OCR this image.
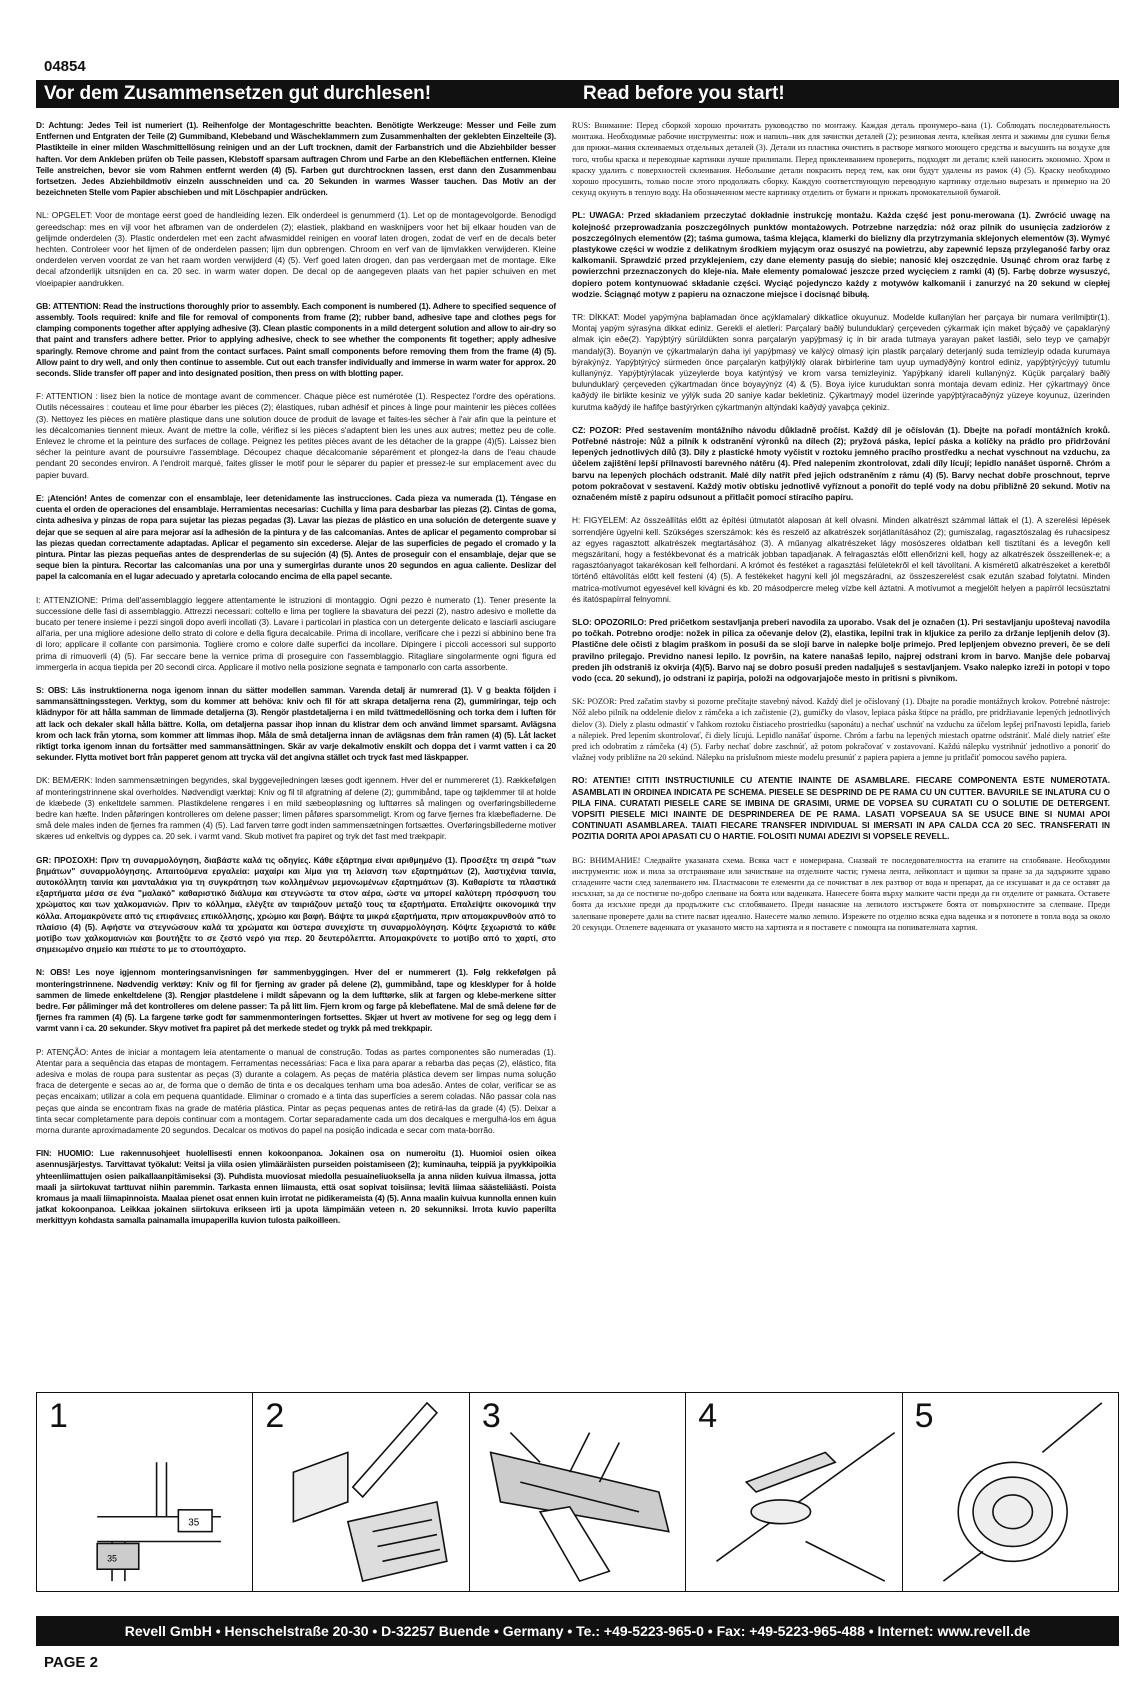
04854
Vor dem Zusammensetzen gut durchlesen!	Read before you start!

D: Achtung: Jedes Teil ist numeriert (1). Reihenfolge der Montageschritte beachten. Benötigte Werkzeuge: Messer und Feile zum Entfernen und Entgraten der Teile (2) Gummiband, Klebeband und Wäscheklammern zum Zusammenhalten der geklebten Einzelteile (3). Plastikteile in einer milden Waschmittellösung reinigen und an der Luft trocknen, damit der Farbanstrich und die Abziehbilder besser haften. Vor dem Ankleben prüfen ob Teile passen, Klebstoff sparsam auftragen Chrom und Farbe an den Klebeflächen entfernen. Kleine Teile anstreichen, bevor sie vom Rahmen entfernt werden (4) (5). Farben gut durchtrocknen lassen, erst dann den Zusammenbau fortsetzen. Jedes Abziehbildmotiv einzeln ausschneiden und ca. 20 Sekunden in warmes Wasser tauchen. Das Motiv an der bezeichneten Stelle vom Papier abschieben und mit Löschpapier andrücken.

NL: OPGELET: Voor de montage eerst goed de handleiding lezen. Elk onderdeel is genummerd (1). Let op de montagevolgorde. Benodigd gereedschap: mes en vijl voor het afbramen van de onderdelen (2); elastiek, plakband en wasknijpers voor het bij elkaar houden van de gelijmde onderdelen (3). Plastic onderdelen met een zacht afwasmiddel reinigen en vooraf laten drogen, zodat de verf en de decals beter hechten. Controleer voor het lijmen of de onderdelen passen; lijm dun opbrengen. Chroom en verf van de lijmvlakken verwijderen. Kleine onderdelen verven voordat ze van het raam worden verwijderd (4) (5). Verf goed laten drogen, dan pas verdergaan met de montage. Elke decal afzonderlijk uitsnijden en ca. 20 sec. in warm water dopen. De decal op de aangegeven plaats van het papier schuiven en met vloeipapier aandrukken.

GB: ATTENTION: Read the instructions thoroughly prior to assembly. Each component is numbered (1). Adhere to specified sequence of assembly. Tools required: knife and file for removal of components from frame (2); rubber band, adhesive tape and clothes pegs for clamping components together after applying adhesive (3). Clean plastic components in a mild detergent solution and allow to air-dry so that paint and transfers adhere better. Prior to applying adhesive, check to see whether the components fit together; apply adhesive sparingly. Remove chrome and paint from the contact surfaces. Paint small components before removing them from the frame (4) (5). Allow paint to dry well, and only then continue to assemble. Cut out each transfer individually and immerse in warm water for approx. 20 seconds. Slide transfer off paper and into designated position, then press on with blotting paper.

F: ATTENTION : lisez bien la notice de montage avant de commencer. Chaque pièce est numérotée (1). Respectez l'ordre des opérations. Outils nécessaires : couteau et lime pour ébarber les pièces (2); élastiques, ruban adhésif et pinces à linge pour maintenir les pièces collées (3). Nettoyez les pièces en matière plastique dans une solution douce de produit de lavage et faites-les sécher à l'air afin que la peinture et les décalcomanies tiennent mieux. Avant de mettre la colle, vérifiez si les pièces s'adaptent bien les unes aux autres; mettez peu de colle. Enlevez le chrome et la peinture des surfaces de collage. Peignez les petites pièces avant de les détacher de la grappe (4)(5). Laissez bien sécher la peinture avant de poursuivre l'assemblage. Découpez chaque décalcomanie séparément et plongez-la dans de l'eau chaude pendant 20 secondes environ. A l'endroit marqué, faites glisser le motif pour le séparer du papier et pressez-le sur emplacement avec du papier buvard.

E: ¡Atención! Antes de comenzar con el ensamblaje, leer detenidamente las instrucciones. Cada pieza va numerada (1). Téngase en cuenta el orden de operaciones del ensamblaje. Herramientas necesarias: Cuchilla y lima para desbarbar las piezas (2). Cintas de goma, cinta adhesiva y pinzas de ropa para sujetar las piezas pegadas (3). Lavar las piezas de plástico en una solución de detergente suave y dejar que se sequen al aire para mejorar así la adhesión de la pintura y de las calcomanías. Antes de aplicar el pegamento comprobar si las piezas quedan correctamente adaptadas. Aplicar el pegamento sin excederse. Alejar de las superficies de pegado el cromado y la pintura. Pintar las piezas pequeñas antes de desprenderlas de su sujeción (4) (5). Antes de proseguir con el ensamblaje, dejar que se seque bien la pintura. Recortar las calcomanías una por una y sumergirlas durante unos 20 segundos en agua caliente. Deslizar del papel la calcomanía en el lugar adecuado y apretarla colocando encima de ella papel secante.

I: ATTENZIONE: Prima dell'assemblaggio leggere attentamente le istruzioni di montaggio. Ogni pezzo è numerato (1). Tener presente la successione delle fasi di assemblaggio. Attrezzi necessari: coltello e lima per togliere la sbavatura dei pezzi (2), nastro adesivo e mollette da bucato per tenere insieme i pezzi singoli dopo averli incollati (3). Lavare i particolari in plastica con un detergente delicato e lasciarli asciugare all'aria, per una migliore adesione dello strato di colore e della figura decalcabile. Prima di incollare, verificare che i pezzi si abbinino bene fra di loro; applicare il collante con parsimonia. Togliere cromo e colore dalle superfici da incollare. Dipingere i piccoli accessori sul supporto prima di rimuoverli (4) (5). Far seccare bene la vernice prima di proseguire con l'assemblaggio. Ritagliare singolarmente ogni figura ed immergerla in acqua tiepida per 20 secondi circa. Applicare il motivo nella posizione segnata e tamponarlo con carta assorbente.

S: OBS: Läs instruktionerna noga igenom innan du sätter modellen samman. Varenda detalj är numrerad (1). V g beakta följden i sammansättningsstegen. Verktyg, som du kommer att behöva: kniv och fil för att skrapa detaljerna rena (2), gummiringar, tejp och klädnypor för att hålla samman de limmade detaljerna (3). Rengör plastdetaljerna i en mild tvättmedellösning och torka dem i luften för att lack och dekaler skall hålla bättre. Kolla, om detaljerna passar ihop innan du klistrar dem och använd limmet sparsamt. Avlägsna krom och lack från ytorna, som kommer att limmas ihop. Måla de små detaljerna innan de avlägsnas dem från ramen (4) (5). Låt lacket riktigt torka igenom innan du fortsätter med sammansättningen. Skär av varje dekalmotiv enskilt och doppa det i varmt vatten i ca 20 sekunder. Flytta motivet bort från papperet genom att trycka väl det angivna stället och tryck fast med läskpapper.

DK: BEMÆRK: Inden sammensætningen begyndes, skal byggevejledningen læses godt igennem. Hver del er nummereret (1). Rækkefølgen af monteringstrinnene skal overholdes. Nødvendigt værktøj: Kniv og fil til afgratning af delene (2); gummibånd, tape og tøjklemmer til at holde de klæbede (3) enkeltdele sammen. Plastikdelene rengøres i en mild sæbeopløsning og lufttørres så malingen og overføringsbillederne bedre kan hæfte. Inden påføringen kontrolleres om delene passer; limen påføres sparsommeligt. Krom og farve fjernes fra klæbefladerne. De små dele males inden de fjernes fra rammen (4) (5). Lad farven tørre godt inden sammensætningen fortsættes. Overføringsbillederne motiver skæres ud enkeltvis og dyppes ca. 20 sek. i varmt vand. Skub motivet fra papiret og tryk det fast med trækpapir.

GR: ΠΡΟΣΟΧΗ: Πριν τη συναρμολόγηση, διαβάστε καλά τις οδηγίες. Κάθε εξάρτημα είναι αριθμημένο (1). Προσέξτε τη σειρά "των βημάτων" συναρμολόγησης. Απαιτούμενα εργαλεία: μαχαίρι και λίμα για τη λείανση των εξαρτημάτων (2), λαστιχένια ταινία, αυτοκόλλητη ταινία και μανταλάκια για τη συγκράτηση των κολλημένων μεμονωμένων εξαρτημάτων (3). Καθαρίστε τα πλαστικά εξαρτήματα μέσα σε ένα "μαλακό" καθαριστικό διάλυμα και στεγνώστε τα στον αέρα, ώστε να μπορεί καλύτερη πρόσφυση του χρώματος και των χαλκομανιών. Πριν το κόλλημα, ελέγξτε αν ταιριάζουν μεταξύ τους τα εξαρτήματα. Επαλείψτε οικονομικά την κόλλα. Απομακρύνετε από τις επιφάνειες επικόλλησης, χρώμιο και βαφή. Βάψτε τα μικρά εξαρτήματα, πριν απομακρυνθούν από το πλαίσιο (4) (5). Αφήστε να στεγνώσουν καλά τα χρώματα και ύστερα συνεχίστε τη συναρμολόγηση. Κόψτε ξεχωριστά το κάθε μοτίβο των χαλκομανιών και βουτήξτε το σε ζεστό νερό για περ. 20 δευτερόλεπτα. Απομακρύνετε το μοτίβο από το χαρτί, στο σημειωμένο σημείο και πιέστε το με το στουπόχαρτο.

N: OBS! Les noye igjennom monteringsanvisningen før sammenbyggingen. Hver del er nummerert (1). Følg rekkefølgen på monteringstrinnene. Nødvendig verktøy: Kniv og fil for fjerning av grader på delene (2), gummibånd, tape og klesklyper for å holde sammen de limede enkeltdelene (3). Rengjør plastdelene i mildt såpevann og la dem lufttørke, slik at fargen og klebe-merkene sitter bedre. Før påliminger må det kontrolleres om delene passer: Ta på litt lim. Fjern krom og farge på klebeflatene. Mal de små delene før de fjernes fra rammen (4) (5). La fargene tørke godt før sammenmonteringen fortsettes. Skjær ut hvert av motivene for seg og legg dem i varmt vann i ca. 20 sekunder. Skyv motivet fra papiret på det merkede stedet og trykk på med trekkpapir.

P: ATENÇÃO: Antes de iniciar a montagem leia atentamente o manual de construção. Todas as partes componentes são numeradas (1). Atentar para a sequência das etapas de montagem. Ferramentas necessárias: Faca e lixa para aparar a rebarba das peças (2), elástico, fita adesiva e molas de roupa para sustentar as peças (3) durante a colagem. As peças de matéria plástica devem ser limpas numa solução fraca de detergente e secas ao ar, de forma que o demão de tinta e os decalques tenham uma boa adesão. Antes de colar, verificar se as peças encaixam; utilizar a cola em pequena quantidade. Eliminar o cromado e a tinta das superfícies a serem coladas. Não passar cola nas peças que ainda se encontram fixas na grade de matéria plástica. Pintar as peças pequenas antes de retirá-las da grade (4) (5). Deixar a tinta secar completamente para depois continuar com a montagem. Cortar separadamente cada um dos decalques e mergulhá-los em água morna durante aproximadamente 20 segundos. Decalcar os motivos do papel na posição indicada e secar com mata-borrão.

FIN: HUOMIO: Lue rakennusohjeet huolellisesti ennen kokoonpanoa. Jokainen osa on numeroitu (1). Huomioi osien oikea asennusjärjestys. Tarvittavat työkalut: Veitsi ja viila osien ylimääräisten purseiden poistamiseen (2); kuminauha, teippiä ja pyykkipoikia yhteenliimattujen osien paikallaanpitämiseksi (3). Puhdista muoviosat miedolla pesuaineliuoksella ja anna niiden kuivua ilmassa, jotta maali ja siirtokuvat tarttuvat niihin paremmin. Tarkasta ennen liimausta, että osat sopivat toisiinsa; levitä liimaa säästeliäästi. Poista kromaus ja maali liimapinnoista. Maalaa pienet osat ennen kuin irrotat ne pidikerameista (4) (5). Anna maalin kuivua kunnolla ennen kuin jatkat kokoonpanoa. Leikkaa jokainen siirtokuva erikseen irti ja upota lämpimään veteen n. 20 sekunniksi. Irrota kuvio paperilta merkittyyn kohdasta samalla painamalla imupaperilla kuvion tulosta paikoilleen.

RUS: Внимание: Перед сборкой хорошо прочитать руководство по монтажу. Каждая деталь пронумеро–вана (1). Соблюдать последовательность монтажа. Необходимые рабочие инструменты: нож и напиль–ник для зачистки деталей (2); резиновая лента, клейкая лента и зажимы для сушки белья для прижи–мания склеиваемых отдельных деталей (3). Детали из пластика очистить в растворе мягкого моющего средства и высушить на воздухе для того, чтобы краска и переводные картинки лучше прилипали. Перед приклеиванием проверить, подходят ли детали; клей наносить экономно. Хром и краску удалить с поверхностей склеивания. Небольшие детали покрасить перед тем, как они будут удалены из рамок (4) (5). Краску необходимо хорошо просушить, только после этого продолжать сборку. Каждую соответствующую переводную картинку отдельно вырезать и примерно на 20 секунд окунуть в теплую воду. На обозначенном месте картинку отделить от бумаги и прижать промокательной бумагой.

PL: UWAGA: Przed składaniem przeczytać dokładnie instrukcję montażu. Każda część jest ponu-merowana (1). Zwrócić uwagę na kolejność przeprowadzania poszczególnych punktów montażowych. Potrzebne narzędzia: nóż oraz pilnik do usunięcia zadziorów z poszczególnych elementów (2); taśma gumowa, taśma klejąca, klamerki do bielizny dla przytrzymania sklejonych elementów (3). Wymyć plastykowe części w wodzie z delikatnym środkiem myjącym oraz osuszyć na powietrzu, aby zapewnić lepszą przyleganość farby oraz kalkomanii. Sprawdzić przed przyklejeniem, czy dane elementy pasują do siebie; nanosić klej oszczędnie. Usunąć chrom oraz farbę z powierzchni przeznaczonych do kleje-nia. Małe elementy pomalować jeszcze przed wycięciem z ramki (4) (5). Farbę dobrze wysuszyć, dopiero potem kontynuować składanie części. Wyciąć pojedynczo każdy z motywów kalkomanii i zanurzyć na 20 sekund w ciepłej wodzie. Ściągnąć motyw z papieru na oznaczone miejsce i docisnąć bibułą.

TR: DİKKAT: Model yapýmýna baþlamadan önce açýklamalarý dikkatlice okuyunuz. Modelde kullanýlan her parçaya bir numara verilmiþtir(1). Montaj yapým sýrasýna dikkat ediniz. Gerekli el aletleri: Parçalarý baðlý bulunduklarý çerçeveden çýkarmak için maket býçaðý ve çapaklarýný almak için eðe(2). Yapýþtýrý sürüldükten sonra parçalarýn yapýþmasý iç in bir arada tutmaya yarayan paket lastiði, selo teyp ve çamaþýr mandalý(3). Boyanýn ve çýkartmalarýn daha iyi yapýþmasý ve kalýcý olmasý için plastik parçalarý deterjanlý suda temizleyip odada kurumaya býrakýnýz. Yapýþtýrýcý sürmeden önce parçalarýn katþýlýklý olarak birbirlerine tam uyup uymadýðýný kontrol ediniz, yapýþtýrýcýyý tutumlu kullanýnýz. Yapýþtýrýlacak yüzeylerde boya katýntýsý ve krom varsa temizleyiniz. Yapýþkaný idareli kullanýnýz. Küçük parçalarý baðlý bulunduklarý çerçeveden çýkartmadan önce boyayýnýz (4) & (5). Boya iyice kuruduktan sonra montaja devam ediniz. Her çýkartmayý önce kaðýdý ile birlikte kesiniz ve yýlýk suda 20 saniye kadar bekletiniz. Çýkartmayý model üzerinde yapýþtýracaðýnýz yüzeye koyunuz, üzerinden kurutma kaðýdý ile hafifçe bastýrýrken çýkartmanýn altýndaki kaðýdý yavaþça çekiniz.

CZ: POZOR: Před sestavením montážního návodu důkladně pročíst. Každý díl je očíslován (1). Dbejte na pořadí montážních kroků. Potřebné nástroje: Nůž a pilník k odstranění výronků na dílech (2); pryžová páska, lepicí páska a kolíčky na prádlo pro přidržování lepených jednotlivých dílů (3). Díly z plastické hmoty vyčistit v roztoku jemného pracího prostředku a nechat vyschnout na vzduchu, za účelem zajištění lepší přilnavosti barevného nátěru (4). Před nalepením zkontrolovat, zdali díly lícují; lepidlo nanášet úsporně. Chróm a barvu na lepených plochách odstranit. Malé díly natřít před jejich odstraněním z rámu (4) (5). Barvy nechat dobře proschnout, teprve potom pokračovat v sestavení. Každý motiv obtisku jednotlivě vyříznout a ponořit do teplé vody na dobu přibližně 20 sekund. Motiv na označeném místě z papíru odsunout a přitlačit pomocí stíracího papíru.

H: FIGYELEM: Az összeállítás előtt az építési útmutatót alaposan át kell olvasni. Minden alkatrészt számmal láttak el (1). A szerelési lépések sorrendjére ügyelni kell. Szükséges szerszámok: kés és reszelő az alkatrészek sorjátlanításához (2); gumiszalag, ragasztószalag és ruhacsipesz az egyes ragasztott alkatrészek megtartásához (3). A műanyag alkatrészeket lágy mosószeres oldatban kell tisztítani és a levegőn kell megszáritani, hogy a festékbevonat és a matricák jobban tapadjanak. A felragasztás előtt ellenőrizni kell, hogy az alkatrészek összeillenek-e; a ragasztóanyagot takarékosan kell felhordani. A krómot és festéket a ragasztási felületekről el kell távolítani. A kisméretű alkatrészeket a keretből történő eltávolítás előtt kell festeni (4) (5). A festékeket hagyni kell jól megszáradni, az összeszerelést csak ezután szabad folytatni. Minden matrica-motívumot egyesével kell kivágni és kb. 20 másodpercre meleg vízbe kell áztatni. A motívumot a megjelölt helyen a papírról lecsúsztatni és itatóspapírral felnyomni.

SLO: OPOZORILO: Pred pričetkom sestavljanja preberi navodila za uporabo. Vsak del je označen (1). Pri sestavljanju upoštevaj navodila po točkah. Potrebno orodje: nožek in pilica za očevanje delov (2), elastika, lepilni trak in kljukice za perilo za držanje lepljenih delov (3). Plastične dele očisti z blagim praškom in posuši da se sloji barve in nalepke bolje primejo. Pred lepljenjem obvezno preveri, če se deli pravilno prilegajo. Previdno nanesi lepilo. Iz površin, na katere nanašaš lepilo, najprej odstrani krom in barvo. Manjše dele pobarvaj preden jih odstraniš iz okvirja (4)(5). Barvo naj se dobro posuši preden nadaljuješ s sestavljanjem. Vsako nalepko izreži in potopi v topo vodo (cca. 20 sekund), jo odstrani iz papirja, položi na odgovarjajoče mesto in pritisni s pivnikom.

SK: POZOR: Pred začatím stavby si pozorne prečítajte stavebný návod. Každý diel je očíslovaný (1). Dbajte na poradie montážnych krokov. Potrebné nástroje: Nôž alebo pilník na oddelenie dielov z rámčeka a ich začistenie (2), gumičky do vlasov, lepiaca páska štipce na prádlo, pre pridržiavanie lepených jednotlivých dielov (3). Diely z plastu odmastiť v ľahkom roztoku čistiaceho prostriedku (saponátu) a nechať uschnúť na vzduchu za účelom lepšej priľnavosti lepidla, farieb a nálepiek. Pred lepením skontrolovať, či diely lícujú. Lepidlo nanášať úsporne. Chróm a farbu na lepených miestach opatrne odstrániť. Malé diely natrieť ešte pred ich odobratím z rámčeka (4) (5). Farby nechať dobre zaschnúť, až potom pokračovať v zostavovaní. Každú nálepku vystrihnúť jednotlivo a ponoriť do vlažnej vody približne na 20 sekúnd. Nálepku na príslušnom mieste modelu presunúť z papiera papiera a jemne ju pritlačiť pomocou savého papiera.

RO: ATENTIE! CITITI INSTRUCTIUNILE CU ATENTIE INAINTE DE ASAMBLARE. FIECARE COMPONENTA ESTE NUMEROTATA. ASAMBLATI IN ORDINEA INDICATA PE SCHEMA. PIESELE SE DESPRIND DE PE RAMA CU UN CUTTER. BAVURILE SE INLATURA CU O PILA FINA. CURATATI PIESELE CARE SE IMBINA DE GRASIMI, URME DE VOPSEA SU CURATATI CU O SOLUTIE DE DETERGENT. VOPSITI PIESELE MICI INAINTE DE DESPRINDEREA DE PE RAMA. LASATI VOPSEAUA SA SE USUCE BINE SI NUMAI APOI CONTINUATI ASAMBLAREA. TAIATI FIECARE TRANSFER INDIVIDUAL SI IMERSATI IN APA CALDA CCA 20 SEC. TRANSFERATI IN POZITIA DORITA APOI APASATI CU O HARTIE. FOLOSITI NUMAI ADEZIVI SI VOPSELE REVELL.

BG: ВНИМАНИЕ! Следвайте указаната схема. Всяка част е номерирана. Снaзвай те последователността на етапите на сглобяване. Необходими инструменти: нож и пила за отстраняване или зачистване на отделните части; гумена лента, лейкопласт и щипки за пране за да задържите здраво сгладените части след залепването им. Пластмасови те елементи да се почистват в лек разтвор от вода и препарат, да се изсушават и да се оставят да изсъхнат, за да се постигне по-добро слепване на боята или ваденката. Нанесете боята върху малките части преди да ги отделите от рамката. Оставете боята да изсъхне преди да продължите със сглобяването. Преди нанасяне на лепилото изстържете боята от повърхностите за слепване. Преди залепване проверете дали ва стите пасват идеално. Нанесете малко лепило. Изрежете по отделно всяка една ваденка и я потопете в топла вода за около 20 секунди. Отлепете ваденката от указаното място на хартията и я поставете с помощта на попивателната хартия.

1
35
35
2	3	4	5
Revell GmbH • Henschelstraße 20-30 • D-32257 Buende • Germany • Te.: +49-5223-965-0 • Fax: +49-5223-965-488 • Internet: www.revell.de
PAGE 2
